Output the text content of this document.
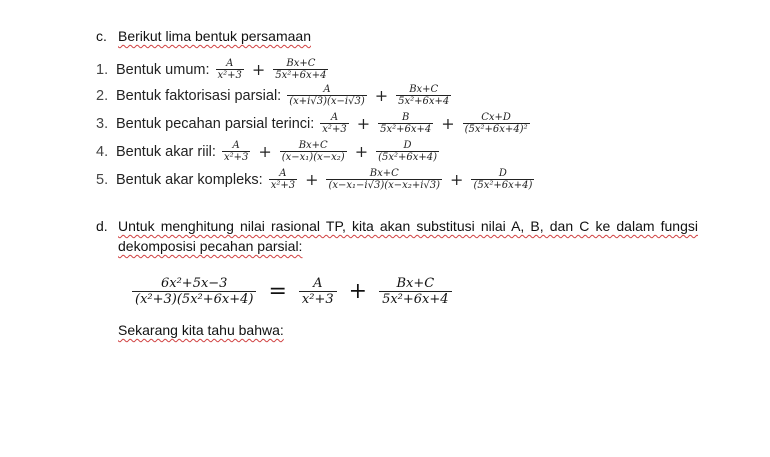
c. Berikut lima bentuk persamaan
1. Bentuk umum: $\frac{A}{\text{x²+3}} + \frac{Bx+C}{\text{5x²+6x+4}}$
2. Bentuk faktorisasi parsial: $\frac{A}{(x+i√3)(x-i√3)} + \frac{Bx+C}{\text{5x²+6x+4}}$
3. Bentuk pecahan parsial terinci: $\frac{A}{\text{x²+3}} + \frac{B}{\text{5x²+6x+4}} + \frac{Cx+D}{\text{(5x²+6x+4)²}}$
4. Bentuk akar riil: $\frac{A}{\text{x²+3}} + \frac{Bx+C}{\text{(x−x₁)(x−x₂)}} + \frac{D}{\text{(5x²+6x+4)}}$
5. Bentuk akar kompleks: $\frac{A}{\text{x²+3}} + \frac{Bx+C}{\text{(x−x₁−i√3)(x−x₂+i√3)}} + \frac{D}{\text{(5x²+6x+4)}}$
d. Untuk menghitung nilai rasional TP, kita akan substitusi nilai A, B, dan C ke dalam fungsi
dekomposisi pecahan parsial:
$\frac{\text{6x²+5x−3}}{\text{(x²+3)(5x²+6x+4)}} = \frac{A}{\text{x²+3}} + \frac{Bx+C}{\text{5x²+6x+4}}$
Sekarang kita tahu bahwa:
